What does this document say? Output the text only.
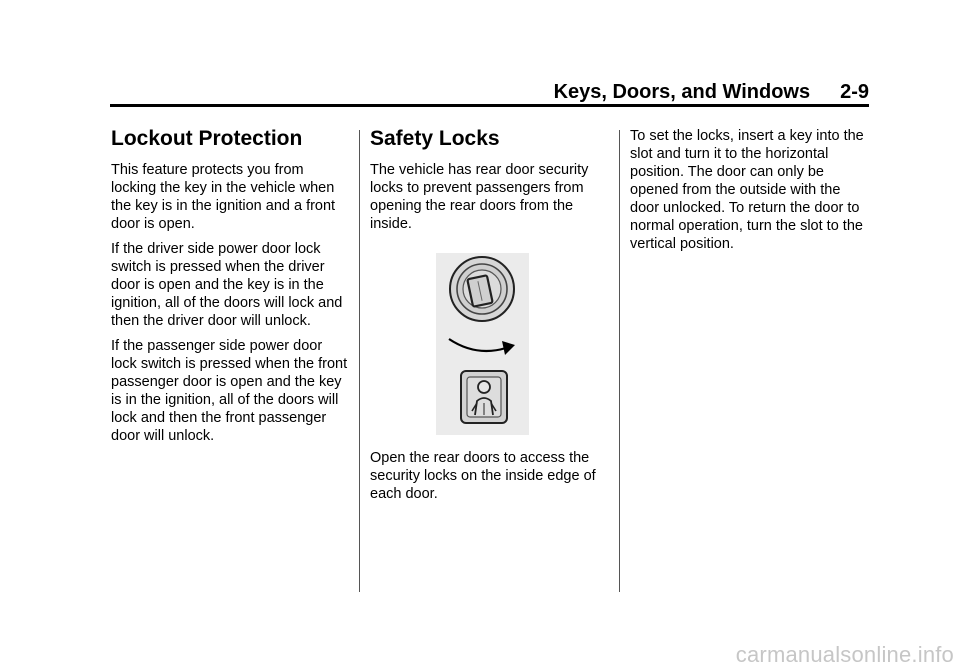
Keys, Doors, and Windows 2-9
Lockout Protection

This feature protects you from locking the key in the vehicle when the key is in the ignition and a front door is open.

If the driver side power door lock switch is pressed when the driver door is open and the key is in the ignition, all of the doors will lock and then the driver door will unlock.

If the passenger side power door lock switch is pressed when the front passenger door is open and the key is in the ignition, all of the doors will lock and then the front passenger door will unlock.

Safety Locks

The vehicle has rear door security locks to prevent passengers from opening the rear doors from the inside.

Open the rear doors to access the security locks on the inside edge of each door.

To set the locks, insert a key into the slot and turn it to the horizontal position. The door can only be opened from the outside with the door unlocked. To return the door to normal operation, turn the slot to the vertical position.

carmanualsonline.info
